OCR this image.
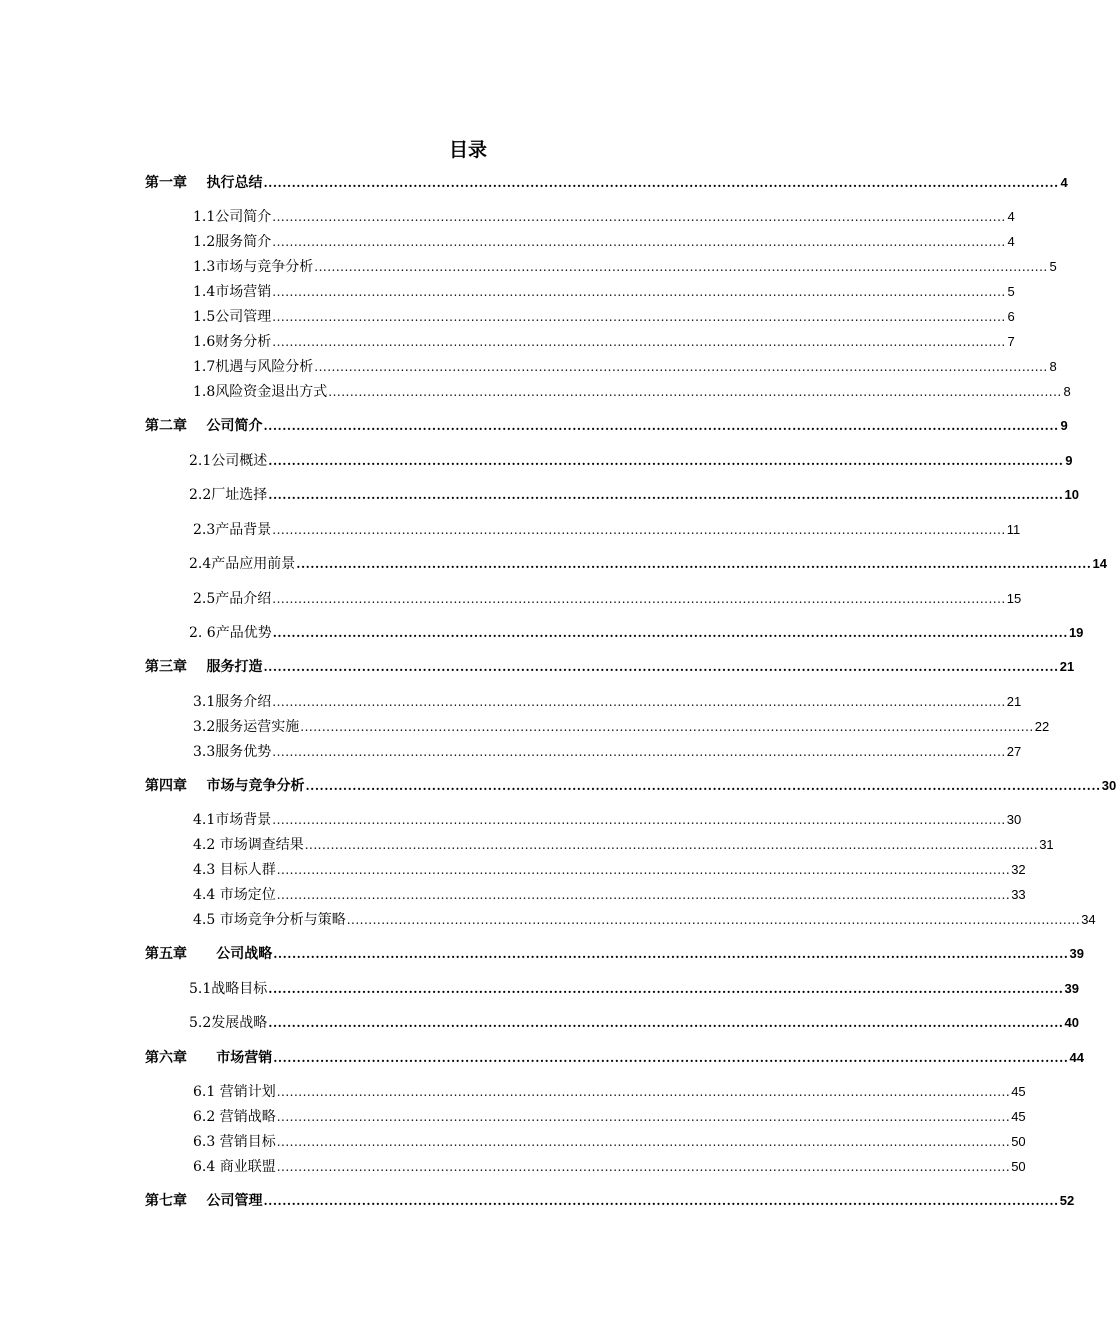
目录
第一章    执行总结 .......................................................................................................................................................................... 4
1.1公司简介 .......................................................................................................................................................................... 4
1.2服务简介 .......................................................................................................................................................................... 4
1.3市场与竞争分析 .......................................................................................................................................................................... 5
1.4市场营销 .......................................................................................................................................................................... 5
1.5公司管理 .......................................................................................................................................................................... 6
1.6财务分析 .......................................................................................................................................................................... 7
1.7机遇与风险分析 .......................................................................................................................................................................... 8
1.8风险资金退出方式 .......................................................................................................................................................................... 8
第二章    公司简介 .......................................................................................................................................................................... 9
2.1公司概述 .......................................................................................................................................................................... 9
2.2厂址选择 .......................................................................................................................................................................... 10
2.3产品背景 .......................................................................................................................................................................... 11
2.4产品应用前景 .......................................................................................................................................................................... 14
2.5产品介绍 .......................................................................................................................................................................... 15
2. 6产品优势 .......................................................................................................................................................................... 19
第三章    服务打造 .......................................................................................................................................................................... 21
3.1服务介绍 .......................................................................................................................................................................... 21
3.2服务运营实施 .......................................................................................................................................................................... 22
3.3服务优势 .......................................................................................................................................................................... 27
第四章    市场与竞争分析 .......................................................................................................................................................................... 30
4.1市场背景 .......................................................................................................................................................................... 30
4.2 市场调查结果 .......................................................................................................................................................................... 31
4.3 目标人群 .......................................................................................................................................................................... 32
4.4 市场定位 .......................................................................................................................................................................... 33
4.5 市场竞争分析与策略 .......................................................................................................................................................................... 34
第五章      公司战略 .......................................................................................................................................................................... 39
5.1战略目标 .......................................................................................................................................................................... 39
5.2发展战略 .......................................................................................................................................................................... 40
第六章      市场营销 .......................................................................................................................................................................... 44
6.1 营销计划 .......................................................................................................................................................................... 45
6.2 营销战略 .......................................................................................................................................................................... 45
6.3 营销目标 .......................................................................................................................................................................... 50
6.4 商业联盟 .......................................................................................................................................................................... 50
第七章    公司管理 .......................................................................................................................................................................... 52
